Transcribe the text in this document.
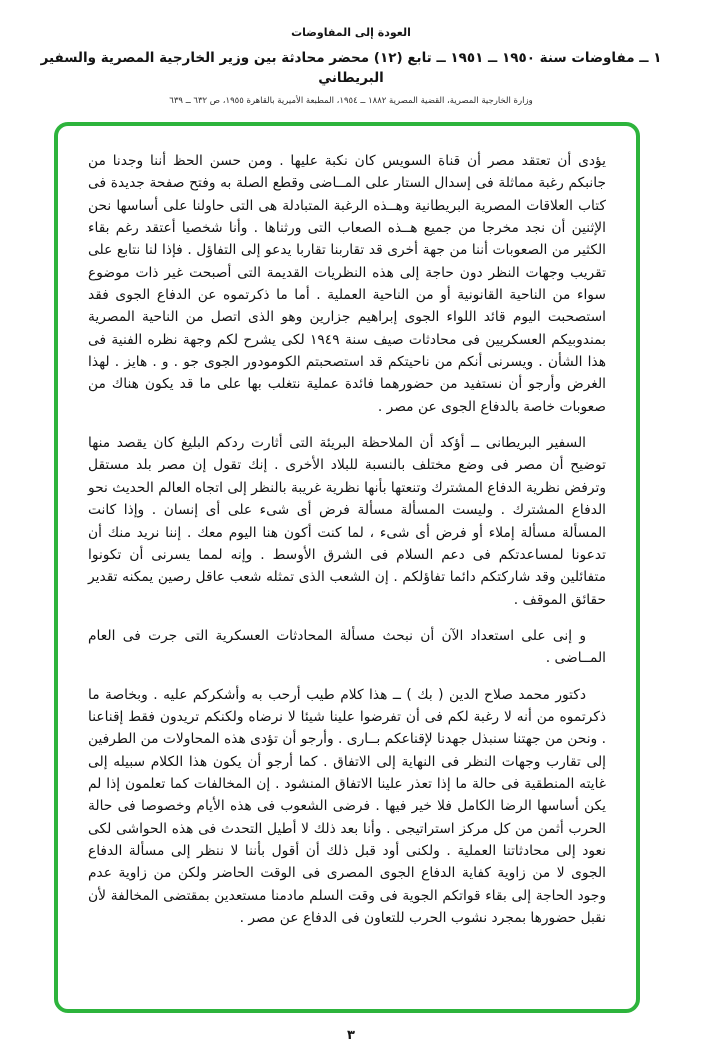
العودة إلى المفاوضات
١ ــ مفاوضات سنة ١٩٥٠ ــ ١٩٥١ ــ تابع (١٢) محضر محادثة بين وزير الخارجية المصرية والسفير البريطاني
وزارة الخارجية المصرية، القضية المصرية ١٨٨٢ ــ ١٩٥٤، المطبعة الأميرية بالقاهرة ١٩٥٥، ص ٦٣٢ ــ ٦٣٩

يؤدى أن تعتقد مصر أن قناة السويس كان نكبة عليها . ومن حسن الحظ أننا وجدنا من جانبكم رغبة مماثلة فى إسدال الستار على المــاضى وقطع الصلة به وفتح صفحة جديدة فى كتاب العلاقات المصرية البريطانية وهــذه الرغبة المتبادلة هى التى حاولنا على أساسها نحن الإثنين أن نجد مخرجا من جميع هــذه الصعاب التى ورثناها . وأنا شخصيا أعتقد رغم بقاء الكثير من الصعوبات أننا من جهة أخرى قد تقاربنا تقاربا يدعو إلى التفاؤل . فإذا لنا نتابع على تقريب وجهات النظر دون حاجة إلى هذه النظريات القديمة التى أصبحت غير ذات موضوع سواء من الناحية القانونية أو من الناحية العملية . أما ما ذكرتموه عن الدفاع الجوى فقد استصحبت اليوم قائد اللواء الجوى إبراهيم جزارين وهو الذى اتصل من الناحية المصرية بمندوبيكم العسكريين فى محادثات صيف سنة ١٩٤٩ لكى يشرح لكم وجهة نظره الفنية فى هذا الشأن . ويسرنى أنكم من ناحيتكم قد استصحبتم الكومودور الجوى جو . و . هايز . لهذا الغرض وأرجو أن نستفيد من حضورهما فائدة عملية نتغلب بها على ما قد يكون هناك من صعوبات خاصة بالدفاع الجوى عن مصر .

السفير البريطانى ــ أؤكد أن الملاحظة البريئة التى أثارت ردكم البليغ كان يقصد منها توضيح أن مصر فى وضع مختلف بالنسبة للبلاد الأخرى . إنك تقول إن مصر بلد مستقل وترفض نظرية الدفاع المشترك وتنعتها بأنها نظرية غريبة بالنظر إلى اتجاه العالم الحديث نحو الدفاع المشترك . وليست المسألة مسألة فرض أى شىء على أى إنسان . وإذا كانت المسألة مسألة إملاء أو فرض أى شىء ، لما كنت أكون هنا اليوم معك . إننا نريد منك أن تدعونا لمساعدتكم فى دعم السلام فى الشرق الأوسط . وإنه لمما يسرنى أن تكونوا متفائلين وقد شاركتكم دائما تفاؤلكم . إن الشعب الذى تمثله شعب عاقل رصين يمكنه تقدير حقائق الموقف .

و إنى على استعداد الآن أن نبحث مسألة المحادثات العسكرية التى جرت فى العام المــاضى .

دكتور محمد صلاح الدين ( بك ) ــ هذا كلام طيب أرحب به وأشكركم عليه . وبخاصة ما ذكرتموه من أنه لا رغبة لكم فى أن تفرضوا علينا شيئا لا نرضاه ولكنكم تريدون فقط إقناعنا . ونحن من جهتنا سنبذل جهدنا لإقناعكم بــارى . وأرجو أن تؤدى هذه المحاولات من الطرفين إلى تقارب وجهات النظر فى النهاية إلى الاتفاق . كما أرجو أن يكون هذا الكلام سبيله إلى غايته المنطقية فى حالة ما إذا تعذر علينا الاتفاق المنشود . إن المخالفات كما تعلمون إذا لم يكن أساسها الرضا الكامل فلا خير فيها . فرضى الشعوب فى هذه الأيام وخصوصا فى حالة الحرب أثمن من كل مركز استراتيجى . وأنا بعد ذلك لا أطيل التحدث فى هذه الحواشى لكى نعود إلى محادثاتنا العملية . ولكنى أود قبل ذلك أن أقول بأننا لا ننظر إلى مسألة الدفاع الجوى لا من زاوية كفاية الدفاع الجوى المصرى فى الوقت الحاضر ولكن من زاوية عدم وجود الحاجة إلى بقاء قواتكم الجوية فى وقت السلم مادمنا مستعدين بمقتضى المخالفة لأن نقبل حضورها بمجرد نشوب الحرب للتعاون فى الدفاع عن مصر .

٣
